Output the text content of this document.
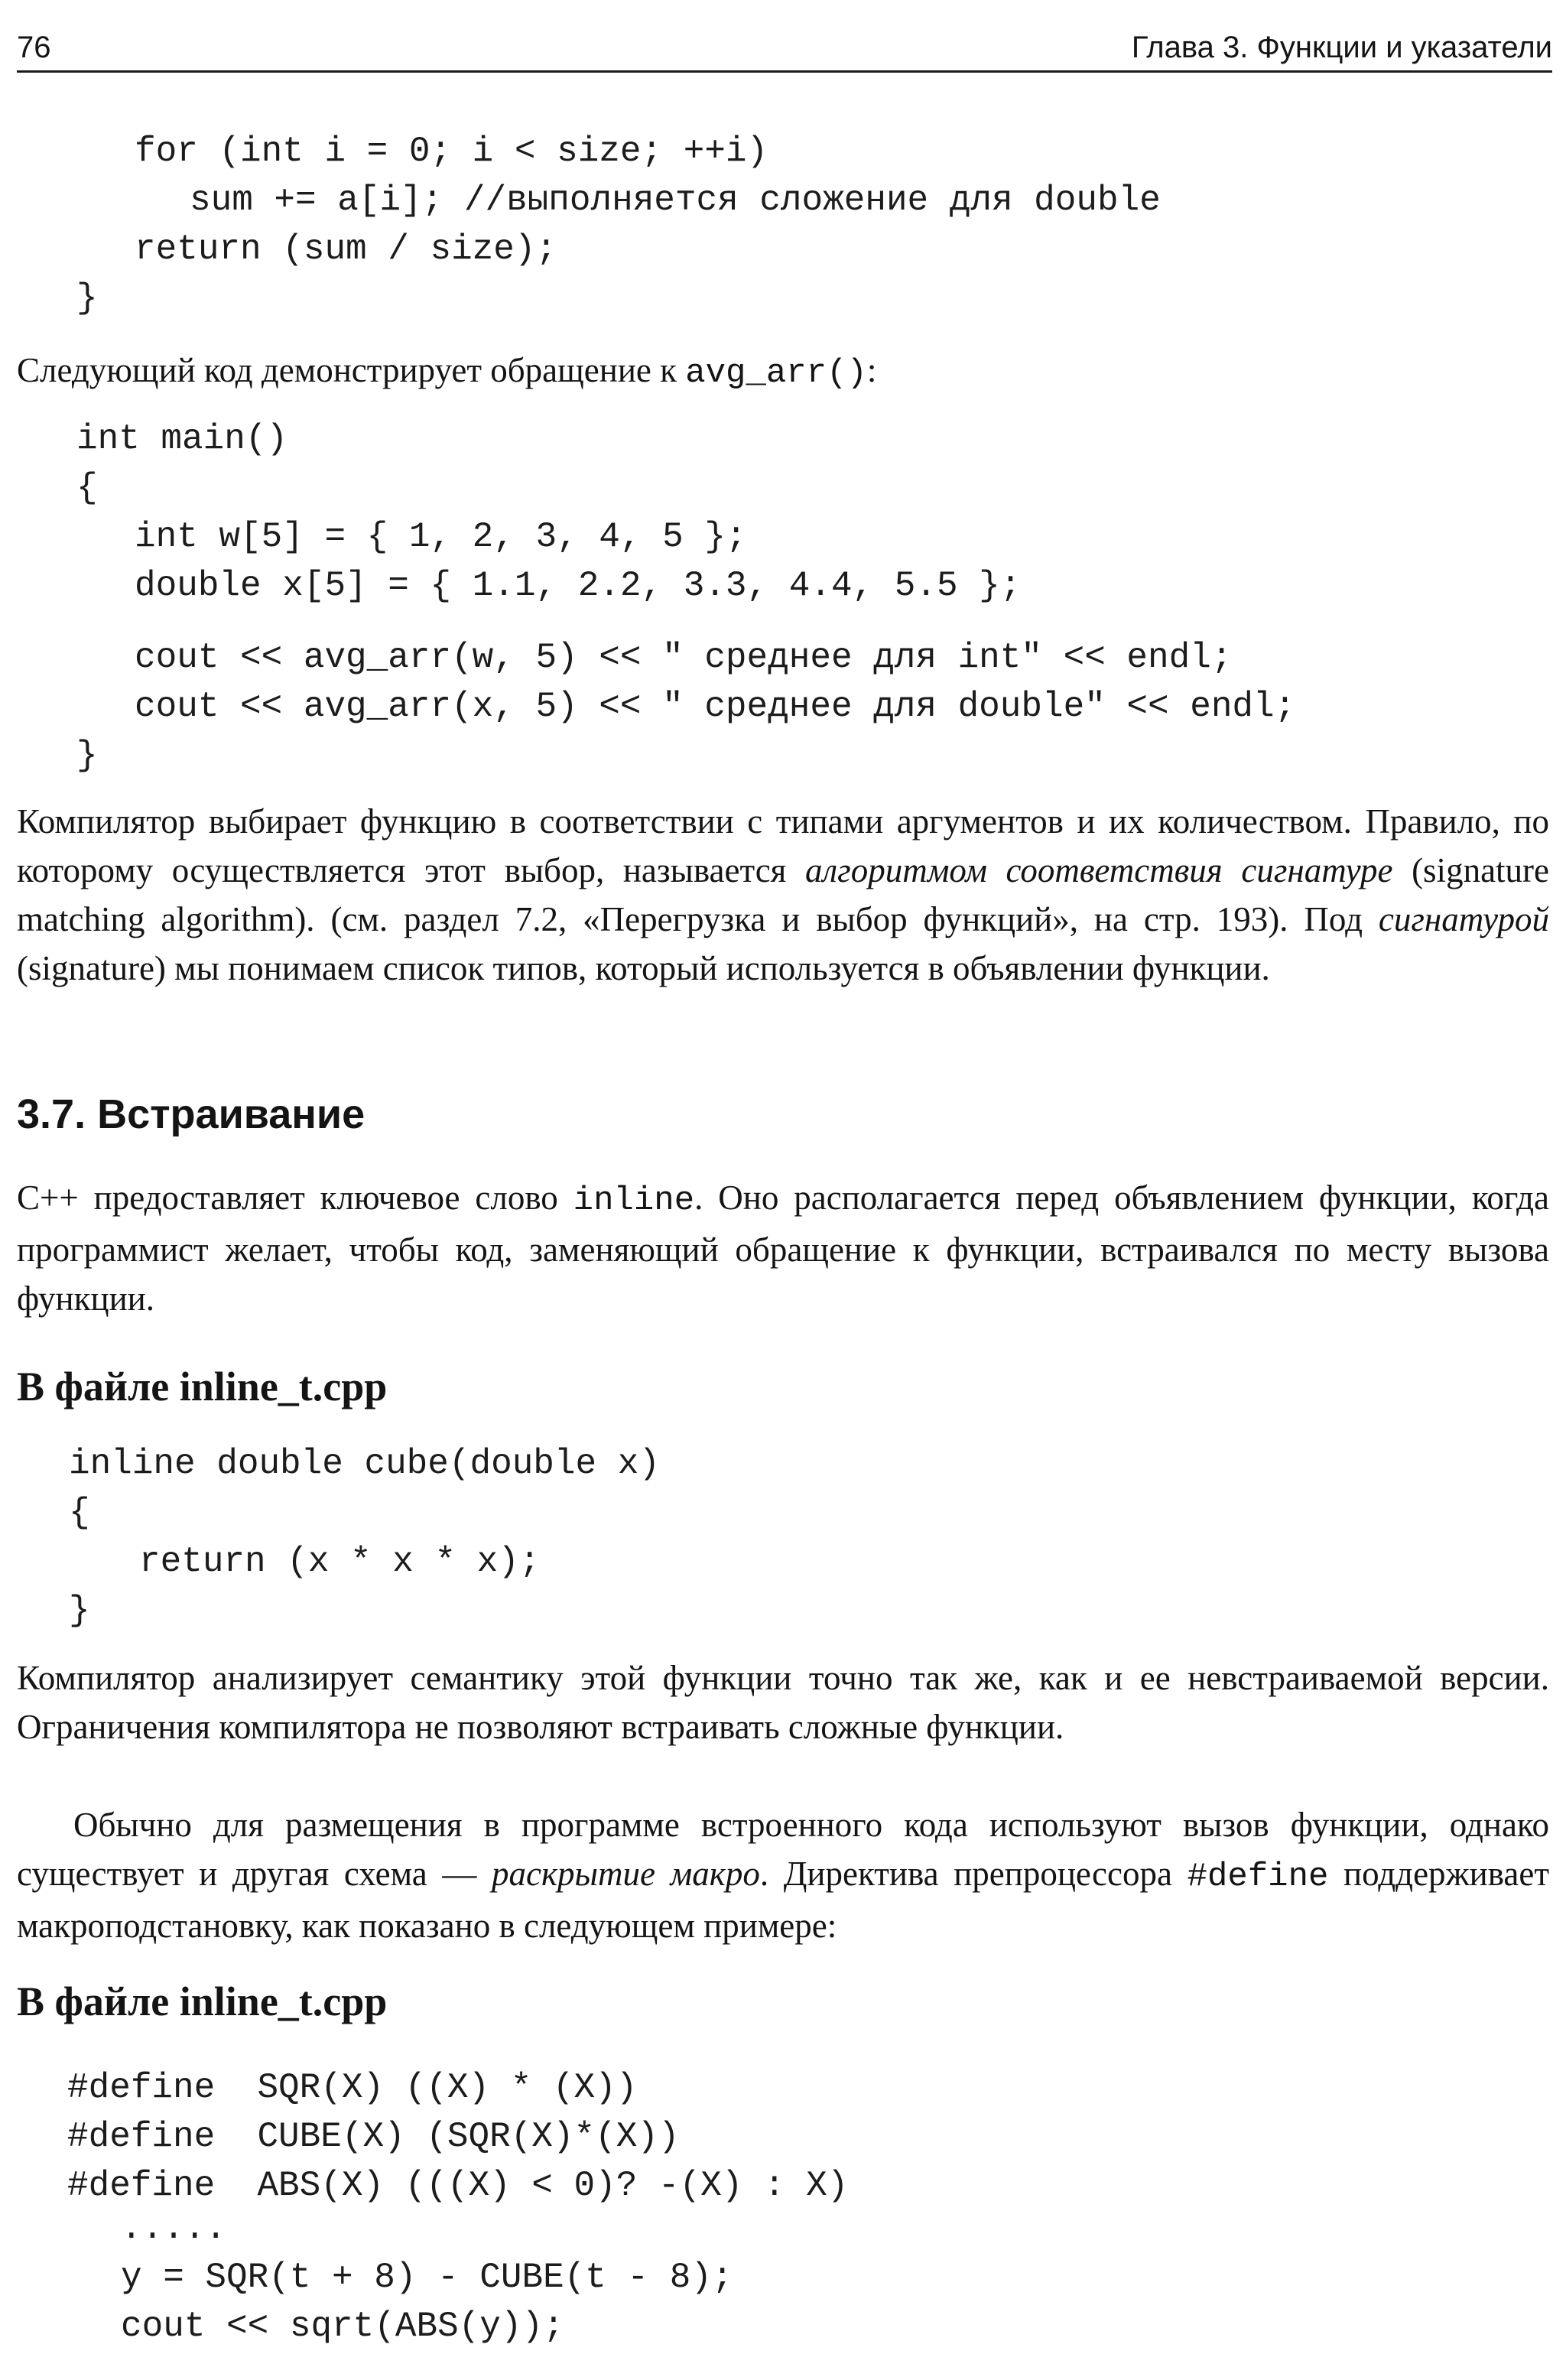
76	Глава 3. Функции и указатели
for (int i = 0; i < size; ++i)
sum += a[i]; //выполняется сложение для double
return (sum / size);
}
Следующий код демонстрирует обращение к avg_arr():
int main()
{
int w[5] = { 1, 2, 3, 4, 5 };
double x[5] = { 1.1, 2.2, 3.3, 4.4, 5.5 };
cout << avg_arr(w, 5) << " среднее для int" << endl;
cout << avg_arr(x, 5) << " среднее для double" << endl;
}
Компилятор выбирает функцию в соответствии с типами аргументов и их количеством. Правило, по которому осуществляется этот выбор, называется алгоритмом соответствия сигнатуре (signature matching algorithm). (см. раздел 7.2, «Перегрузка и выбор функций», на стр. 193). Под сигнатурой (signature) мы понимаем список типов, который используется в объявлении функции.
3.7. Встраивание
C++ предоставляет ключевое слово inline. Оно располагается перед объявлением функции, когда программист желает, чтобы код, заменяющий обращение к функции, встраивался по месту вызова функции.
В файле inline_t.cpp
inline double cube(double x)
{
return (x * x * x);
}
Компилятор анализирует семантику этой функции точно так же, как и ее невстраиваемой версии. Ограничения компилятора не позволяют встраивать сложные функции.
Обычно для размещения в программе встроенного кода используют вызов функции, однако существует и другая схема — раскрытие макро. Директива препроцессора #define поддерживает макроподстановку, как показано в следующем примере:
В файле inline_t.cpp
#define  SQR(X) ((X) * (X))
#define  CUBE(X) (SQR(X)*(X))
#define  ABS(X) (((X) < 0)? -(X) : X)
.....
y = SQR(t + 8) - CUBE(t - 8);
cout << sqrt(ABS(y));
